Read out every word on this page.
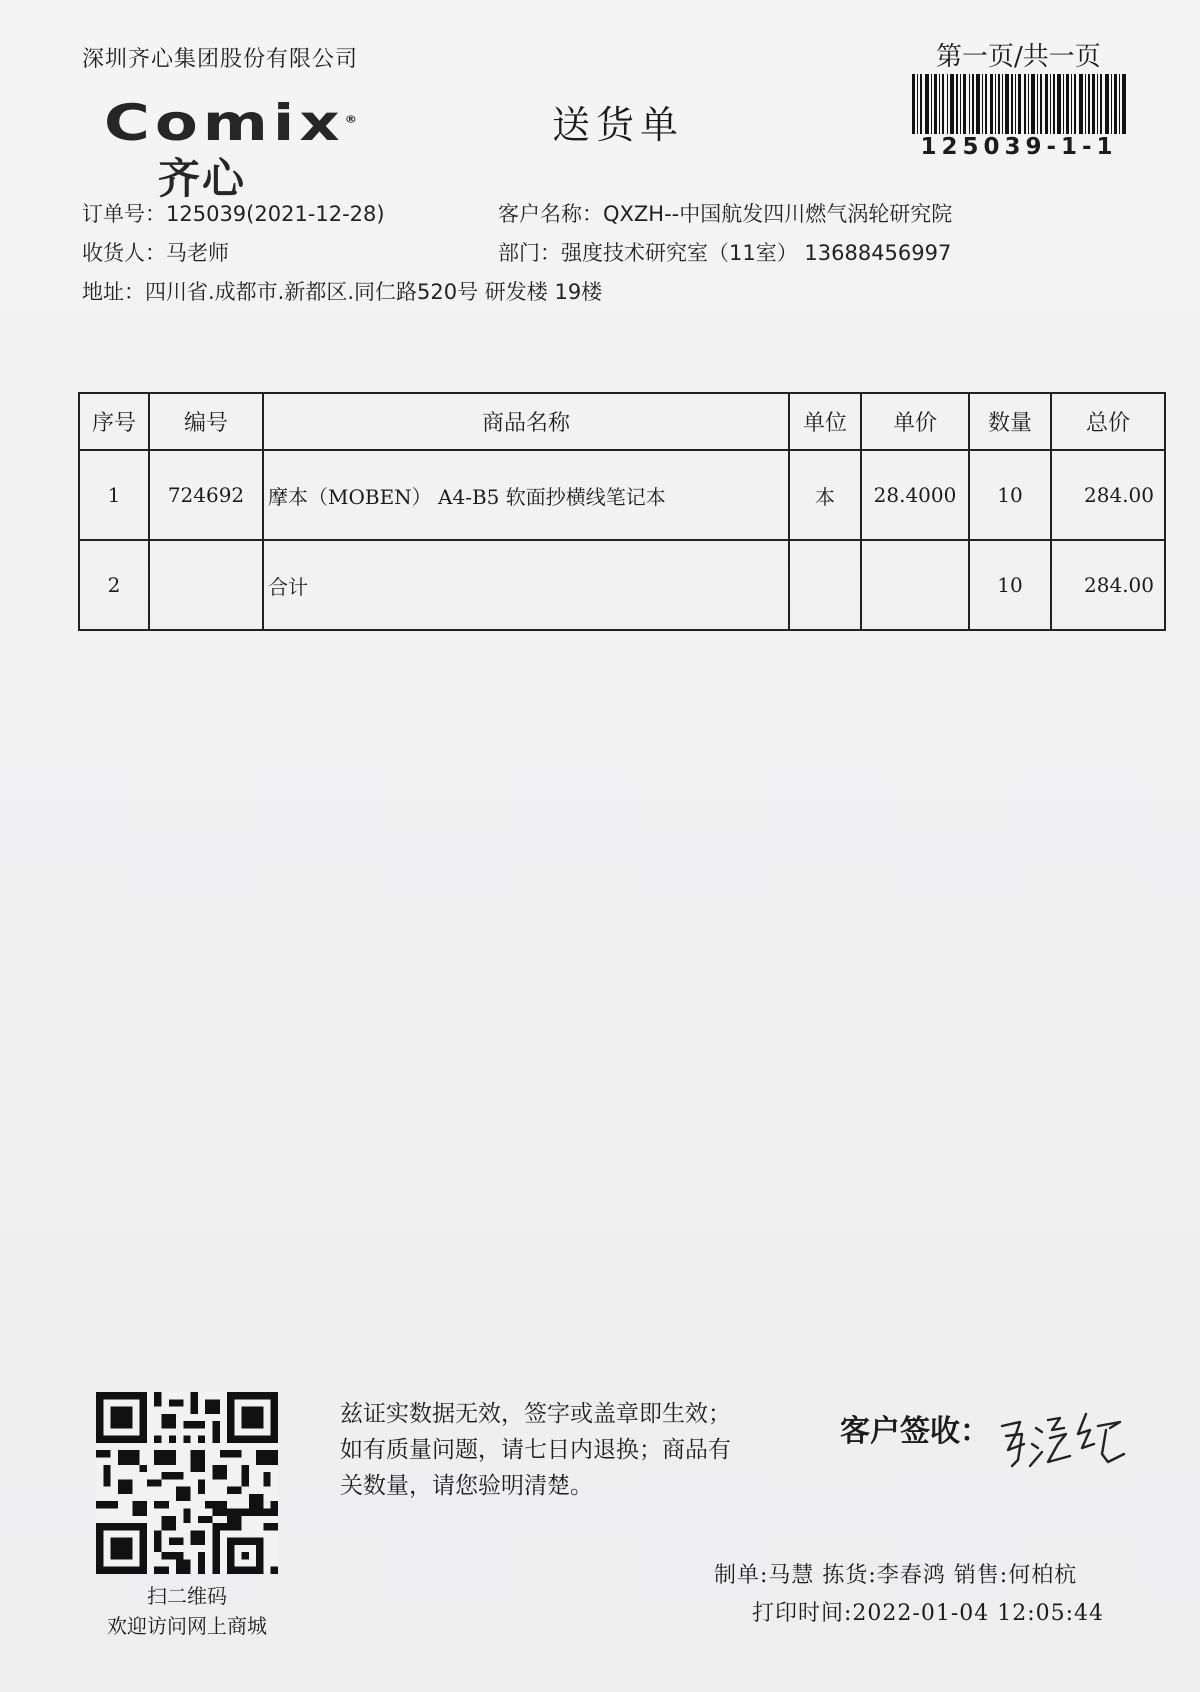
深圳齐心集团股份有限公司	第一页/共一页
125039-1-1
Comix®
齐心
送货单
订单号：125039(2021-12-28)	客户名称：QXZH--中国航发四川燃气涡轮研究院
收货人：马老师	部门：强度技术研究室（11室） 13688456997
地址：四川省.成都市.新都区.同仁路520号 研发楼 19楼
序号	编号	商品名称	单位	单价	数量	总价
1	724692	摩本（MOBEN） A4-B5 软面抄横线笔记本	本	28.4000	10	284.00
2		合计			10	284.00
扫二维码
欢迎访问网上商城
兹证实数据无效，签字或盖章即生效；如有质量问题，请七日内退换；商品有关数量，请您验明清楚。
客户签收：
制单:马慧 拣货:李春鸿 销售:何柏杭
打印时间:2022-01-04 12:05:44
